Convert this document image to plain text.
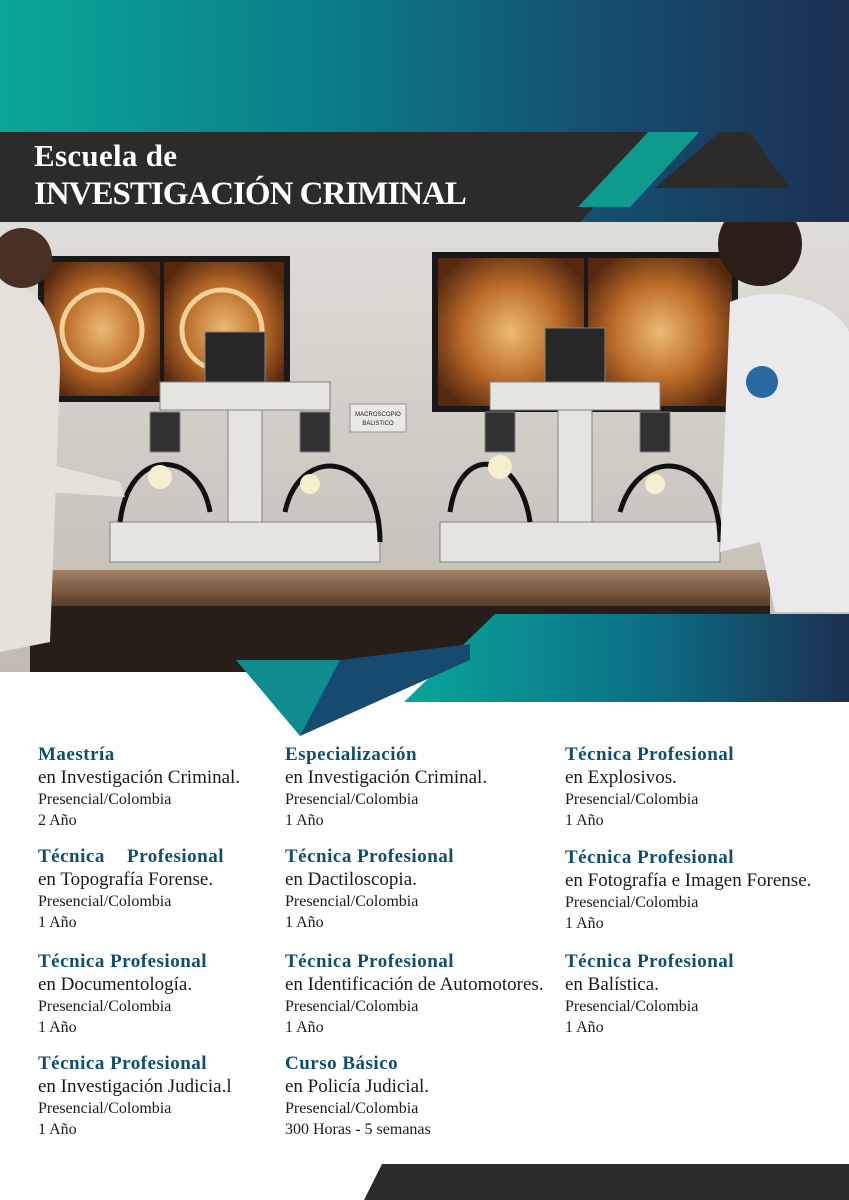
Escuela de
INVESTIGACIÓN CRIMINAL
MACROSCOPIO
BALISTICO
Maestría
en Investigación Criminal.
Presencial/Colombia
2 Año
Especialización
en Investigación Criminal.
Presencial/Colombia
1 Año
Técnica Profesional
en Explosivos.
Presencial/Colombia
1 Año
Técnica Profesional
en Topografía Forense.
Presencial/Colombia
1 Año
Técnica Profesional
en Dactiloscopia.
Presencial/Colombia
1 Año
Técnica Profesional
en Fotografía e Imagen Forense.
Presencial/Colombia
1 Año
Técnica Profesional
en Documentología.
Presencial/Colombia
1 Año
Técnica Profesional
en Identificación de Automotores.
Presencial/Colombia
1 Año
Técnica Profesional
en Balística.
Presencial/Colombia
1 Año
Técnica Profesional
en Investigación Judicia.l
Presencial/Colombia
1 Año
Curso Básico
en Policía Judicial.
Presencial/Colombia
300 Horas - 5 semanas
